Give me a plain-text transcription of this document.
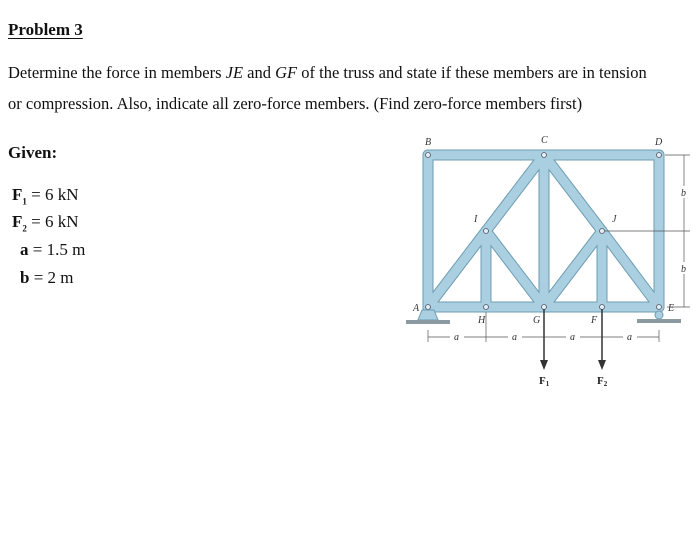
Problem 3
Determine the force in members JE and GF of the truss and state if these members are in tension
or compression. Also, indicate all zero-force members. (Find zero-force members first)
Given:
$F_1 = 6$ kN
$F_2 = 6$ kN
a = 1.5 m
b = 2 m
a	a	a	a
b
b
B	C	D
I	J
A
H	G	F
E
F1	F2
